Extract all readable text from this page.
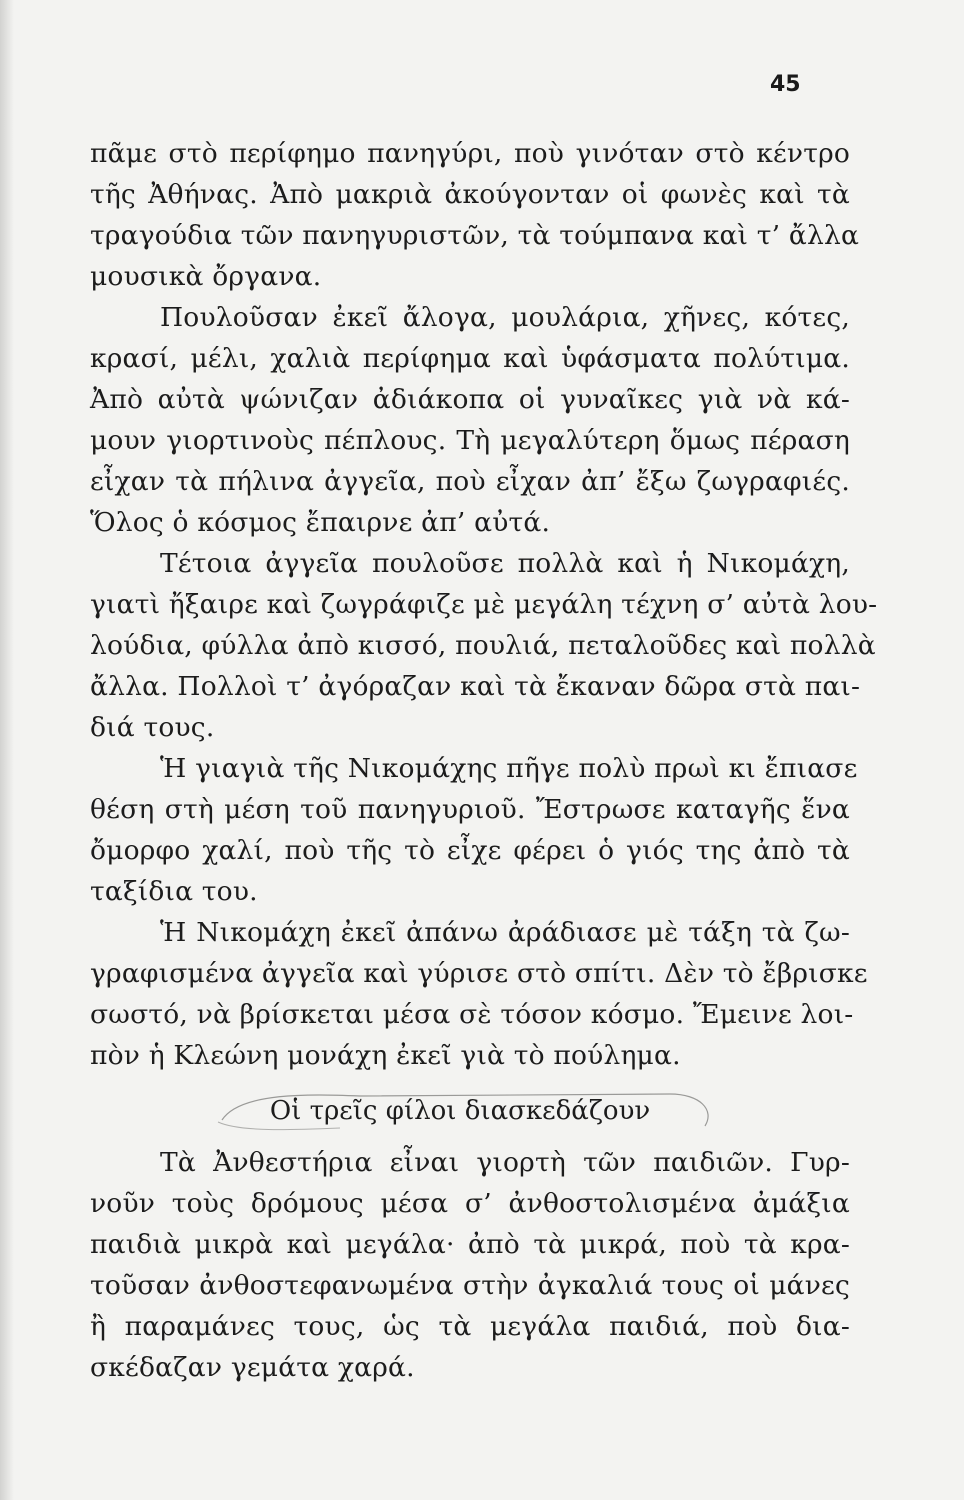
45
πᾶμε στὸ περίφημο πανηγύρι, ποὺ γινόταν στὸ κέντρο
τῆς Ἀθήνας. Ἀπὸ μακριὰ ἀκούγονταν οἱ φωνὲς καὶ τὰ
τραγούδια τῶν πανηγυριστῶν, τὰ τούμπανα καὶ τ’ ἄλλα
μουσικὰ ὄργανα.
Πουλοῦσαν ἐκεῖ ἄλογα, μουλάρια, χῆνες, κότες,
κρασί, μέλι, χαλιὰ περίφημα καὶ ὑφάσματα πολύτιμα.
Ἀπὸ αὐτὰ ψώνιζαν ἀδιάκοπα οἱ γυναῖκες γιὰ νὰ κά-
μουν γιορτινοὺς πέπλους. Τὴ μεγαλύτερη ὅμως πέραση
εἶχαν τὰ πήλινα ἀγγεῖα, ποὺ εἶχαν ἀπ’ ἔξω ζωγραφιές.
Ὅλος ὁ κόσμος ἔπαιρνε ἀπ’ αὐτά.
Τέτοια ἀγγεῖα πουλοῦσε πολλὰ καὶ ἡ Νικομάχη,
γιατὶ ἤξαιρε καὶ ζωγράφιζε μὲ μεγάλη τέχνη σ’ αὐτὰ λου-
λούδια, φύλλα ἀπὸ κισσό, πουλιά, πεταλοῦδες καὶ πολλὰ
ἄλλα. Πολλοὶ τ’ ἀγόραζαν καὶ τὰ ἔκαναν δῶρα στὰ παι-
διά τους.
Ἡ γιαγιὰ τῆς Νικομάχης πῆγε πολὺ πρωὶ κι ἔπιασε
θέση στὴ μέση τοῦ πανηγυριοῦ. Ἔστρωσε καταγῆς ἕνα
ὄμορφο χαλί, ποὺ τῆς τὸ εἶχε φέρει ὁ γιός της ἀπὸ τὰ
ταξίδια του.
Ἡ Νικομάχη ἐκεῖ ἀπάνω ἀράδιασε μὲ τάξη τὰ ζω-
γραφισμένα ἀγγεῖα καὶ γύρισε στὸ σπίτι. Δὲν τὸ ἔβρισκε
σωστό, νὰ βρίσκεται μέσα σὲ τόσον κόσμο. Ἔμεινε λοι-
πὸν ἡ Κλεώνη μονάχη ἐκεῖ γιὰ τὸ πούλημα.
Οἱ τρεῖς φίλοι διασκεδάζουν
Τὰ Ἀνθεστήρια εἶναι γιορτὴ τῶν παιδιῶν. Γυρ-
νοῦν τοὺς δρόμους μέσα σ’ ἀνθοστολισμένα ἀμάξια
παιδιὰ μικρὰ καὶ μεγάλα· ἀπὸ τὰ μικρά, ποὺ τὰ κρα-
τοῦσαν ἀνθοστεφανωμένα στὴν ἀγκαλιά τους οἱ μάνες
ἢ παραμάνες τους, ὡς τὰ μεγάλα παιδιά, ποὺ δια-
σκέδαζαν γεμάτα χαρά.
